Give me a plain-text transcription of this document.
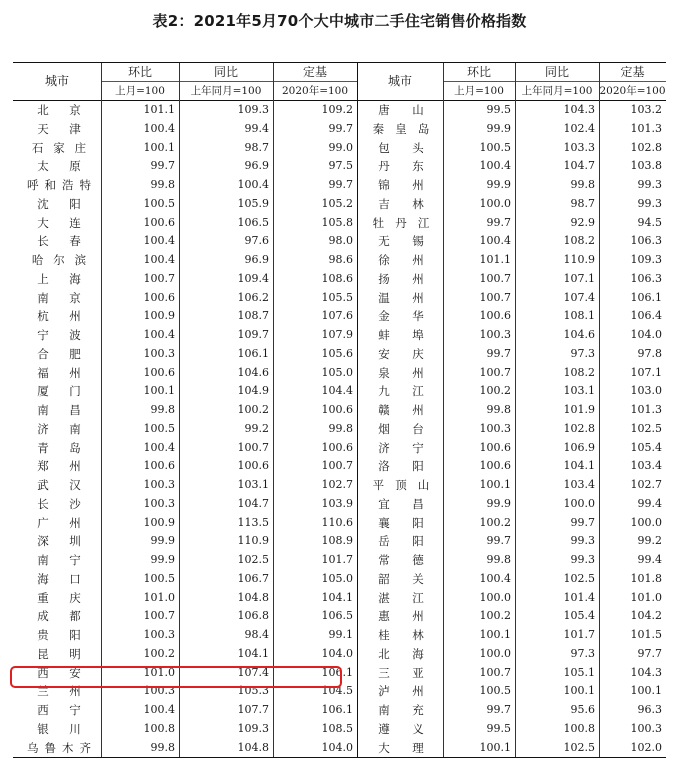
表2：2021年5月70个大中城市二手住宅销售价格指数
城市
环比	同比	定基
上月=100	上年同月=100	2020年=100
城市
环比	同比	定基
上月=100	上年同月=100 2020年=100
北 京	101.1	109.3	109.2 唐 山	99.5	104.3	103.2
天 津	100.4	99.4	99.7 秦 皇 岛	99.9	102.4	101.3
石 家 庄	100.1	98.7	99.0 包 头	100.5	103.3	102.8
太 原	99.7	96.9	97.5 丹 东	100.4	104.7	103.8
呼 和 浩 特	99.8	100.4	99.7 锦 州	99.9	99.8	99.3
沈 阳	100.5	105.9	105.2 吉 林	100.0	98.7	99.3
大 连	100.6	106.5	105.8 牡 丹 江	99.7	92.9	94.5
长 春	100.4	97.6	98.0 无 锡	100.4	108.2	106.3
哈 尔 滨	100.4	96.9	98.6 徐 州	101.1	110.9	109.3
上 海	100.7	109.4	108.6 扬 州	100.7	107.1	106.3
南 京	100.6	106.2	105.5 温 州	100.7	107.4	106.1
杭 州	100.9	108.7	107.6 金 华	100.6	108.1	106.4
宁 波	100.4	109.7	107.9 蚌 埠	100.3	104.6	104.0
合 肥	100.3	106.1	105.6 安 庆	99.7	97.3	97.8
福 州	100.6	104.6	105.0 泉 州	100.7	108.2	107.1
厦 门	100.1	104.9	104.4 九 江	100.2	103.1	103.0
南 昌	99.8	100.2	100.6 赣 州	99.8	101.9	101.3
济 南	100.5	99.2	99.8 烟 台	100.3	102.8	102.5
青 岛	100.4	100.7	100.6 济 宁	100.6	106.9	105.4
郑 州	100.6	100.6	100.7 洛 阳	100.6	104.1	103.4
武 汉	100.3	103.1	102.7 平 顶 山	100.1	103.4	102.7
长 沙	100.3	104.7	103.9 宜 昌	99.9	100.0	99.4
广 州	100.9	113.5	110.6 襄 阳	100.2	99.7	100.0
深 圳	99.9	110.9	108.9 岳 阳	99.7	99.3	99.2
南 宁	99.9	102.5	101.7 常 德	99.8	99.3	99.4
海 口	100.5	106.7	105.0 韶 关	100.4	102.5	101.8
重 庆	101.0	104.8	104.1 湛 江	100.0	101.4	101.0
成 都	100.7	106.8	106.5 惠 州	100.2	105.4	104.2
贵 阳	100.3	98.4	99.1 桂 林	100.1	101.7	101.5
昆 明	100.2	104.1	104.0 北 海	100.0	97.3	97.7
西 安	101.0	107.4	106.1 三 亚	100.7	105.1	104.3
兰 州	100.3	105.3	104.5 泸 州	100.5	100.1	100.1
西 宁	100.4	107.7	106.1 南 充	99.7	95.6	96.3
银 川	100.8	109.3	108.5 遵 义	99.5	100.8	100.3
乌 鲁 木 齐	99.8	104.8	104.0 大 理	100.1	102.5	102.0
